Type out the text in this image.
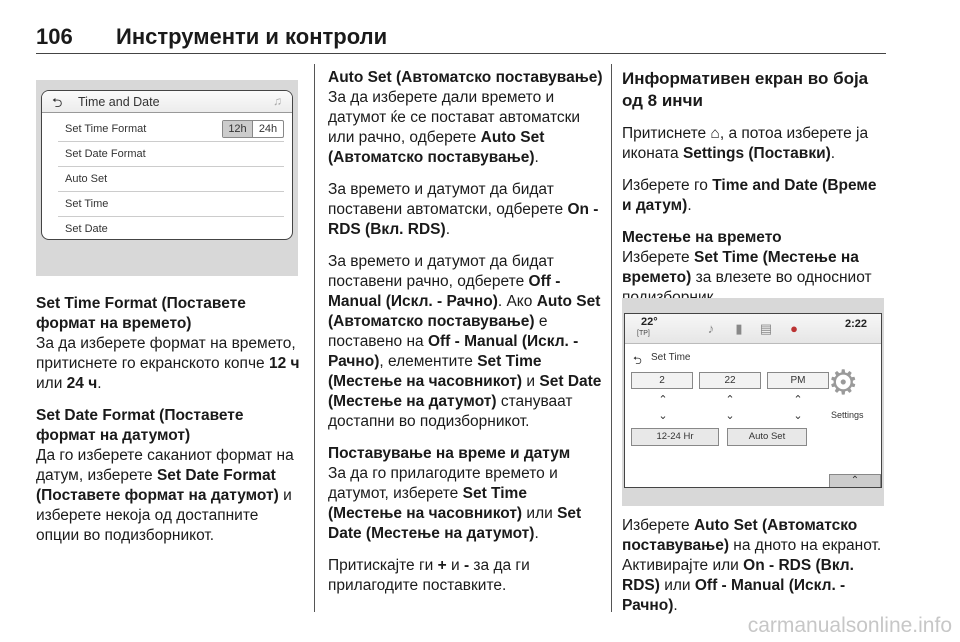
106 Инструменти и контроли
⮌ Time and Date	♫
Set Time Format	12h	24h
Set Date Format
Auto Set
Set Time
Set Date

Set Time Format (Поставете формат на времето)

За да изберете формат на времето, притиснете го екранското копче 12 ч или 24 ч.

Set Date Format (Поставете формат на датумот)

Да го изберете саканиот формат на датум, изберете Set Date Format (Поставете формат на датумот) и изберете некоја од достапните опции во подизборникот.

Auto Set (Автоматско поставување)

За да изберете дали времето и датумот ќе се постават автоматски или рачно, одберете Auto Set (Автоматско поставување).

За времето и датумот да бидат поставени автоматски, одберете On - RDS (Вкл. RDS).

За времето и датумот да бидат поставени рачно, одберете Off - Manual (Искл. - Рачно). Ако Auto Set (Автоматско поставување) е поставено на Off - Manual (Искл. - Рачно), елементите Set Time (Местење на часовникот) и Set Date (Местење на датумот) стануваат достапни во подизборникот.

Поставување на време и датум

За да го прилагодите времето и датумот, изберете Set Time (Местење на часовникот) или Set Date (Местење на датумот).

Притискајте ги + и - за да ги прилагодите поставките.

Информативен екран во боја од 8 инчи

Притиснете ⌂, а потоа изберете ја иконата Settings (Поставки).

Изберете го Time and Date (Време и датум).

Местење на времето

Изберете Set Time (Местење на времето) за влезете во односниот

22°
[TP]	♪	▮	▤	●	2:22
⮌ Set Time
2	22	PM
⌃
⌄
⌃
⌄
⌃
⌄
⚙
Settings
12-24 Hr	Auto Set
⌃

Изберете Auto Set (Автоматско поставување) на дното на екранот. Активирајте или On - RDS (Вкл. RDS) или Off - Manual (Искл. - Рачно).

carmanualsonline.info
